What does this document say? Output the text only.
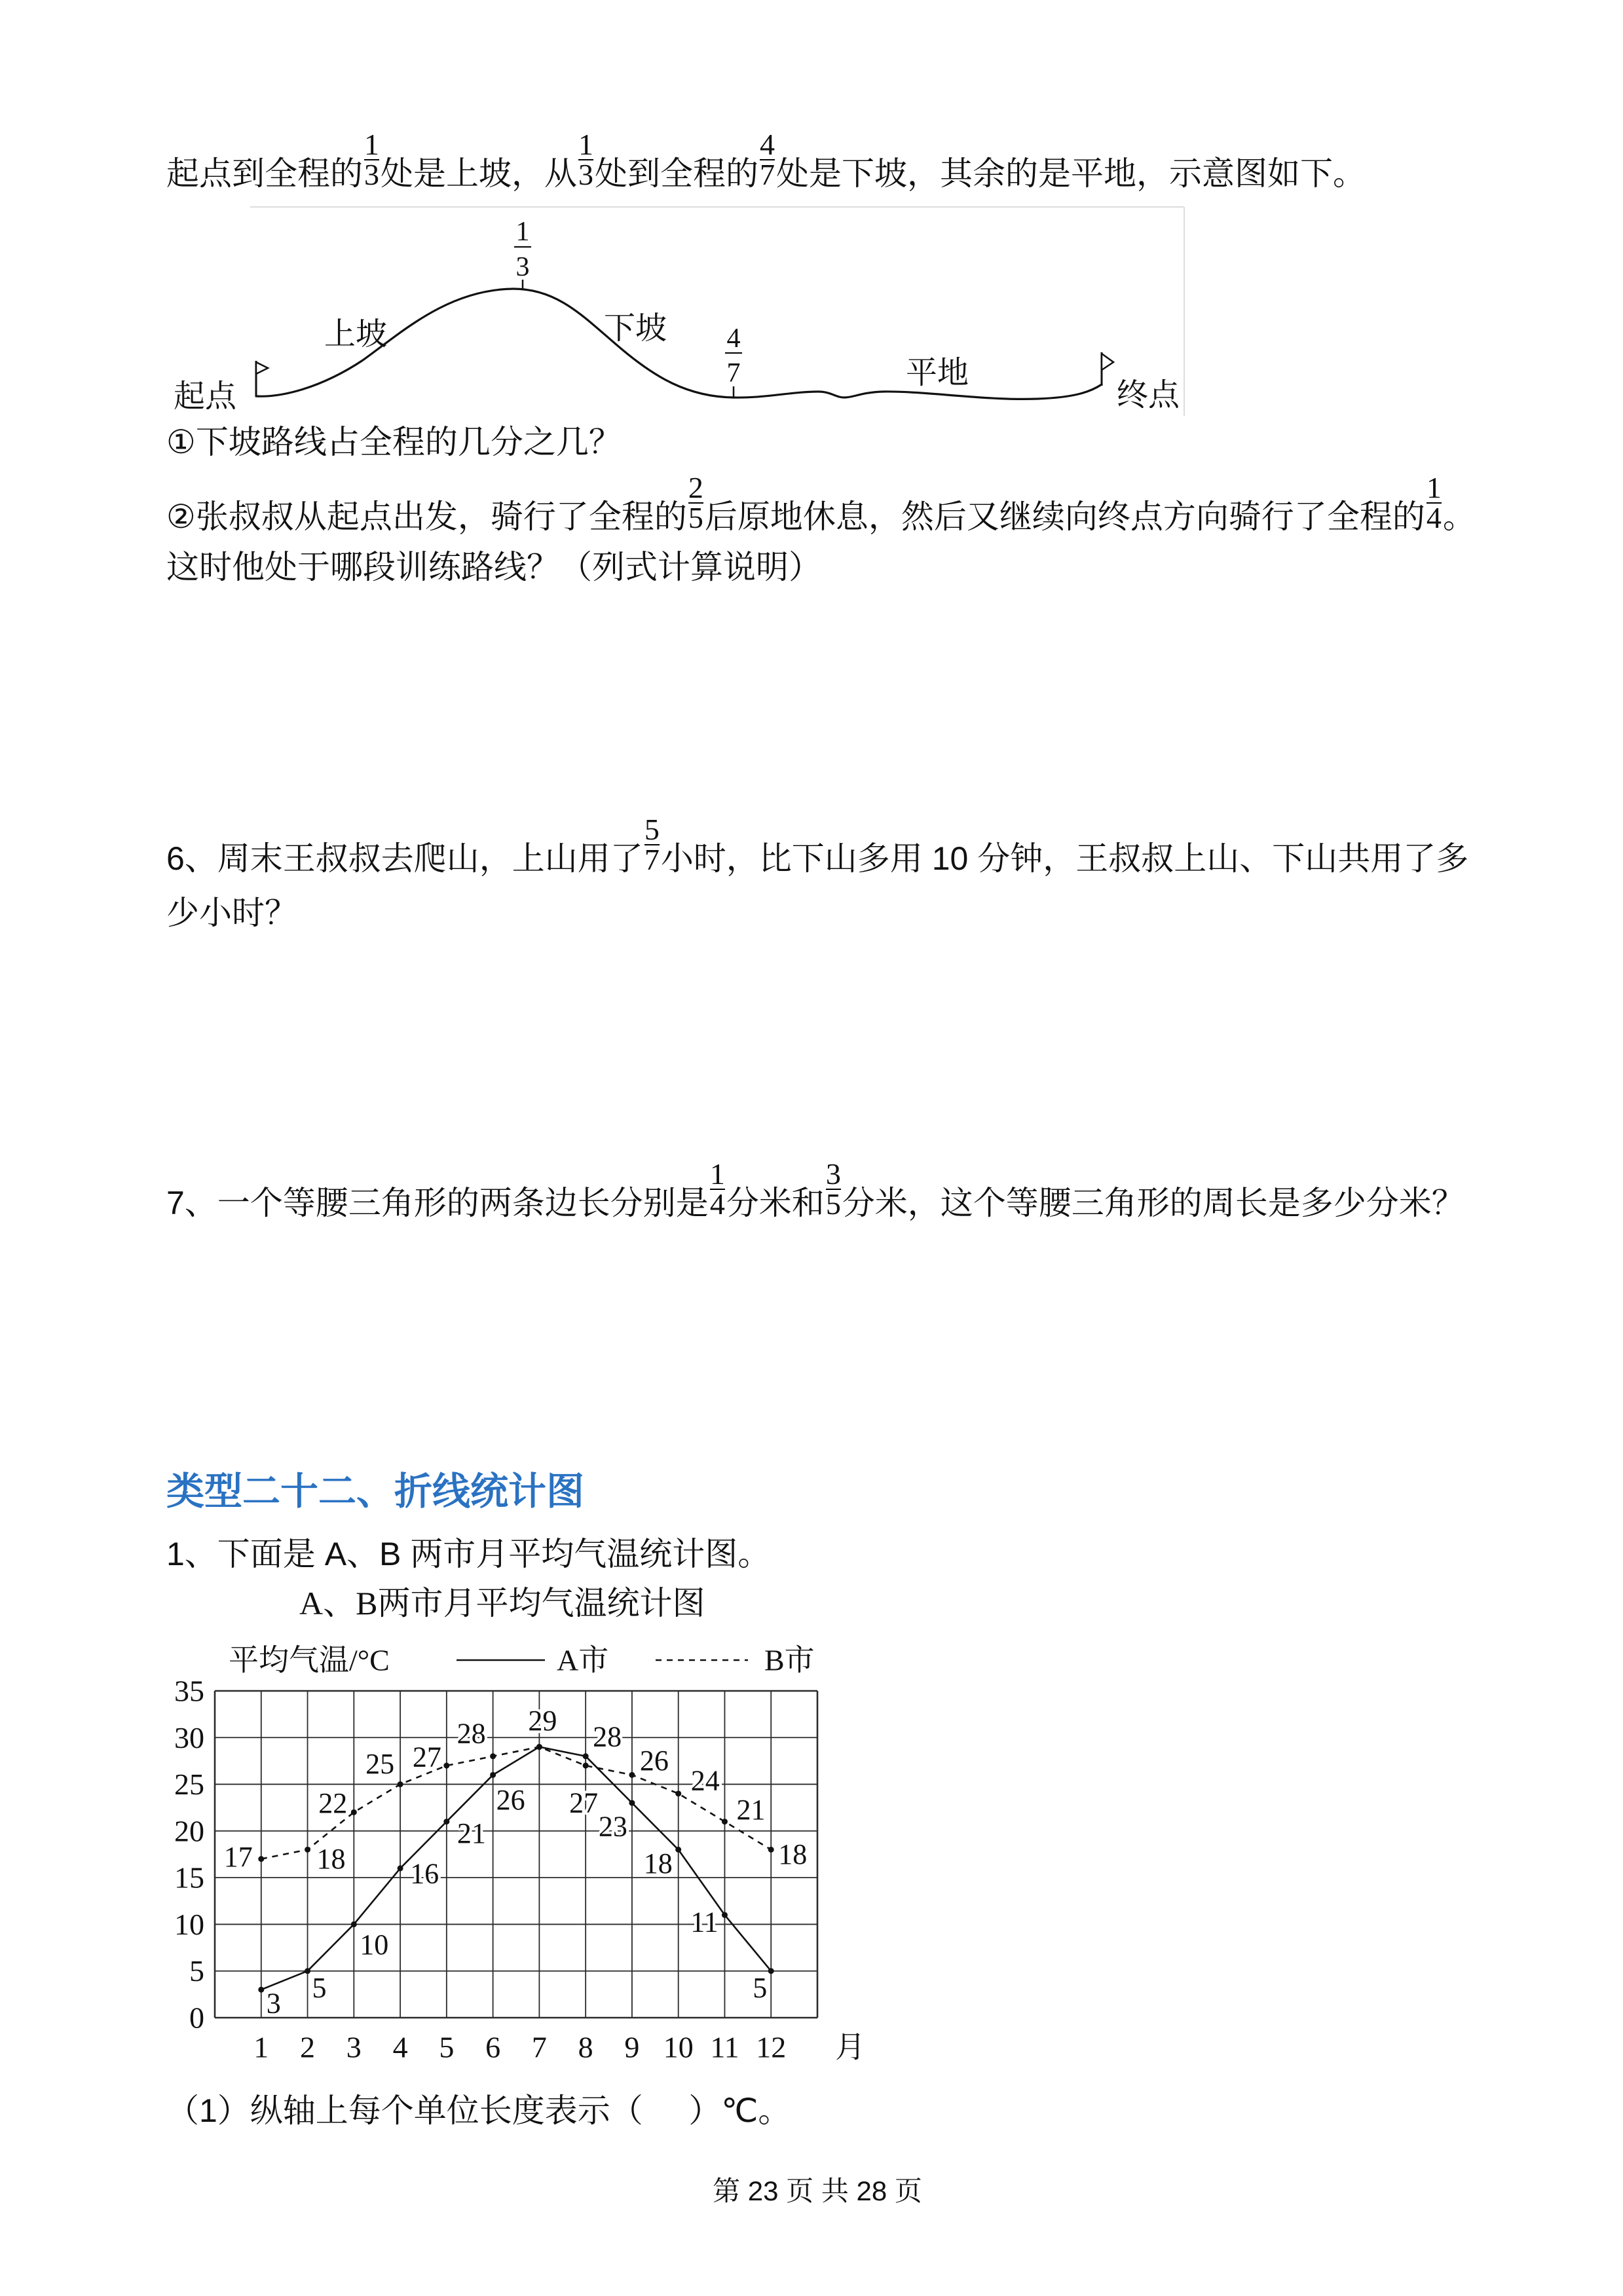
起点到全程的 $\frac{1}{3}$ 处是上坡，从 $\frac{1}{3}$ 处到全程的 $\frac{4}{7}$ 处是下坡，其余的是平地，示意图如下。
1
3
4
7
上坡	下坡
平地
起点	终点
①下坡路线占全程的几分之几？
②张叔叔从起点出发，骑行了全程的 $\frac{2}{5}$ 后原地休息，然后又继续向终点方向骑行了全程的 $\frac{1}{4}$ 。
这时他处于哪段训练路线？（列式计算说明）
6、周末王叔叔去爬山，上山用了 $\frac{5}{7}$ 小时，比下山多用 10 分钟，王叔叔上山、下山共用了多
少小时？
7、一个等腰三角形的两条边长分别是 $\frac{1}{4}$ 分米和 $\frac{3}{5}$ 分米，这个等腰三角形的周长是多少分米？
类型二十二、折线统计图
1、下面是 A、B 两市月平均气温统计图。
A、B两市月平均气温统计图
平均气温/°C	A市	B市
月
0
5
10
15
20
25
30
35
1 2 3 4 5 6 7 8 9 10 11 12
3 5
10
16
21
26
28
23
18
11
5
17 18
22
25 27
28 29
27
26
24
21
18
（1）纵轴上每个单位长度表示（     ）℃。
第 23 页 共 28 页
